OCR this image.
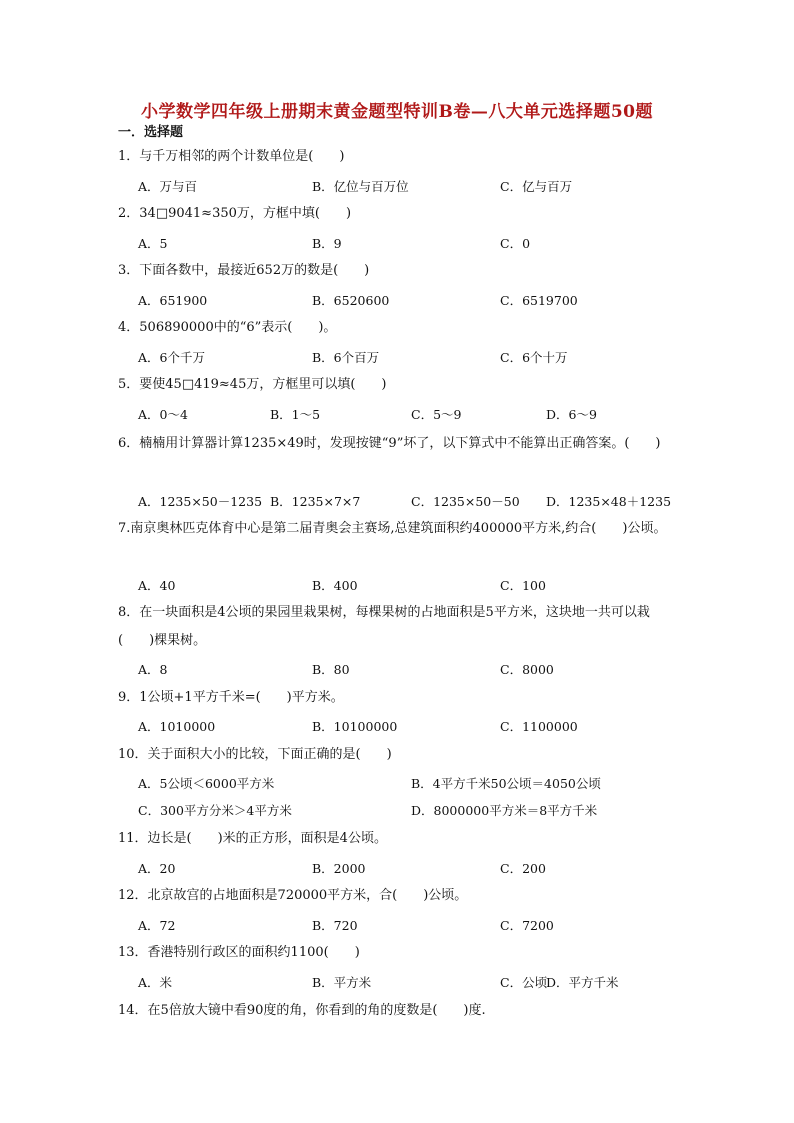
小学数学四年级上册期末黄金题型特训B卷—八大单元选择题50题
一．选择题
1．与千万相邻的两个计数单位是(　　)
A．万与百	B．亿位与百万位	C．亿与百万
2．34□9041≈350万，方框中填(　　)
A．5	B．9	C．0
3．下面各数中，最接近652万的数是(　　)
A．651900	B．6520600	C．6519700
4．506890000中的“6”表示(　　)。
A．6个千万	B．6个百万	C．6个十万
5．要使45□419≈45万，方框里可以填(　　)
A．0～4	B．1～5	C．5～9	D．6～9
6．楠楠用计算器计算1235×49时，发现按键“9”坏了，以下算式中不能算出正确答案。(　　)
A．1235×50－1235 B．1235×7×7	C．1235×50－50 D．1235×48＋1235
7.南京奥林匹克体育中心是第二届青奥会主赛场,总建筑面积约400000平方米,约合(　　)公顷。
A．40	B．400	C．100
8．在一块面积是4公顷的果园里栽果树，每棵果树的占地面积是5平方米，这块地一共可以栽(　　)棵果树。
A．8	B．80	C．8000
9．1公顷+1平方千米=(　　)平方米。
A．1010000	B．10100000	C．1100000
10．关于面积大小的比较，下面正确的是(　　)
A．5公顷＜6000平方米	B．4平方千米50公顷＝4050公顷
C．300平方分米＞4平方米	D．8000000平方米＝8平方千米
11．边长是(　　)米的正方形，面积是4公顷。
A．20	B．2000	C．200
12．北京故宫的占地面积是720000平方米，合(　　)公顷。
A．72	B．720	C．7200
13．香港特别行政区的面积约1100(　　)
A．米	B．平方米	C．公顷
D．平方千米
14．在5倍放大镜中看90度的角，你看到的角的度数是(　　)度.
